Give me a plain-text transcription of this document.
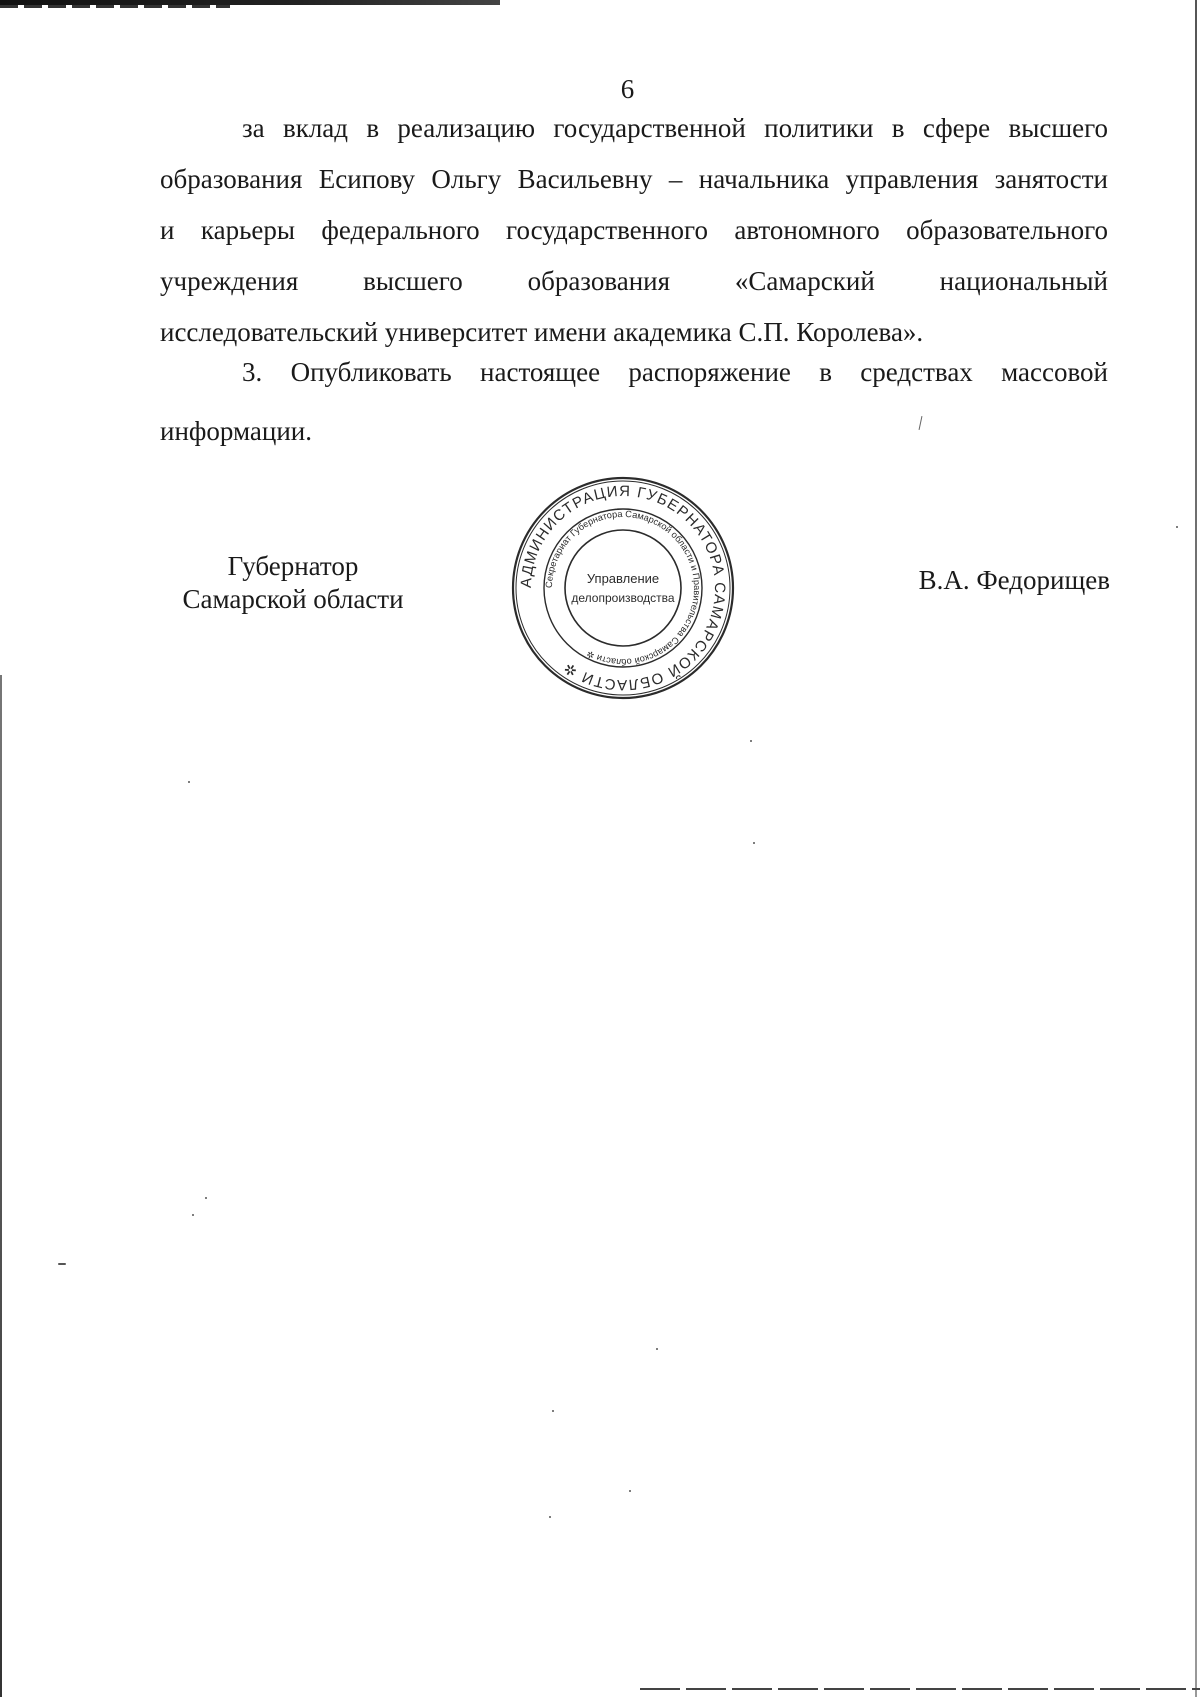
6
за вклад в реализацию государственной политики в сфере высшего
образования Есипову Ольгу Васильевну – начальника управления занятости
и карьеры федерального государственного автономного образовательного
учреждения высшего образования «Самарский национальный
исследовательский университет имени академика С.П. Королева».
3. Опубликовать настоящее распоряжение в средствах массовой
информации.
Губернатор
Самарской области
АДМИНИСТРАЦИЯ ГУБЕРНАТОРА САМАРСКОЙ ОБЛАСТИ ✲
Секретариат Губернатора Самарской области и Правительства Самарской области ✲
Управление
делопроизводства
В.А. Федорищев
